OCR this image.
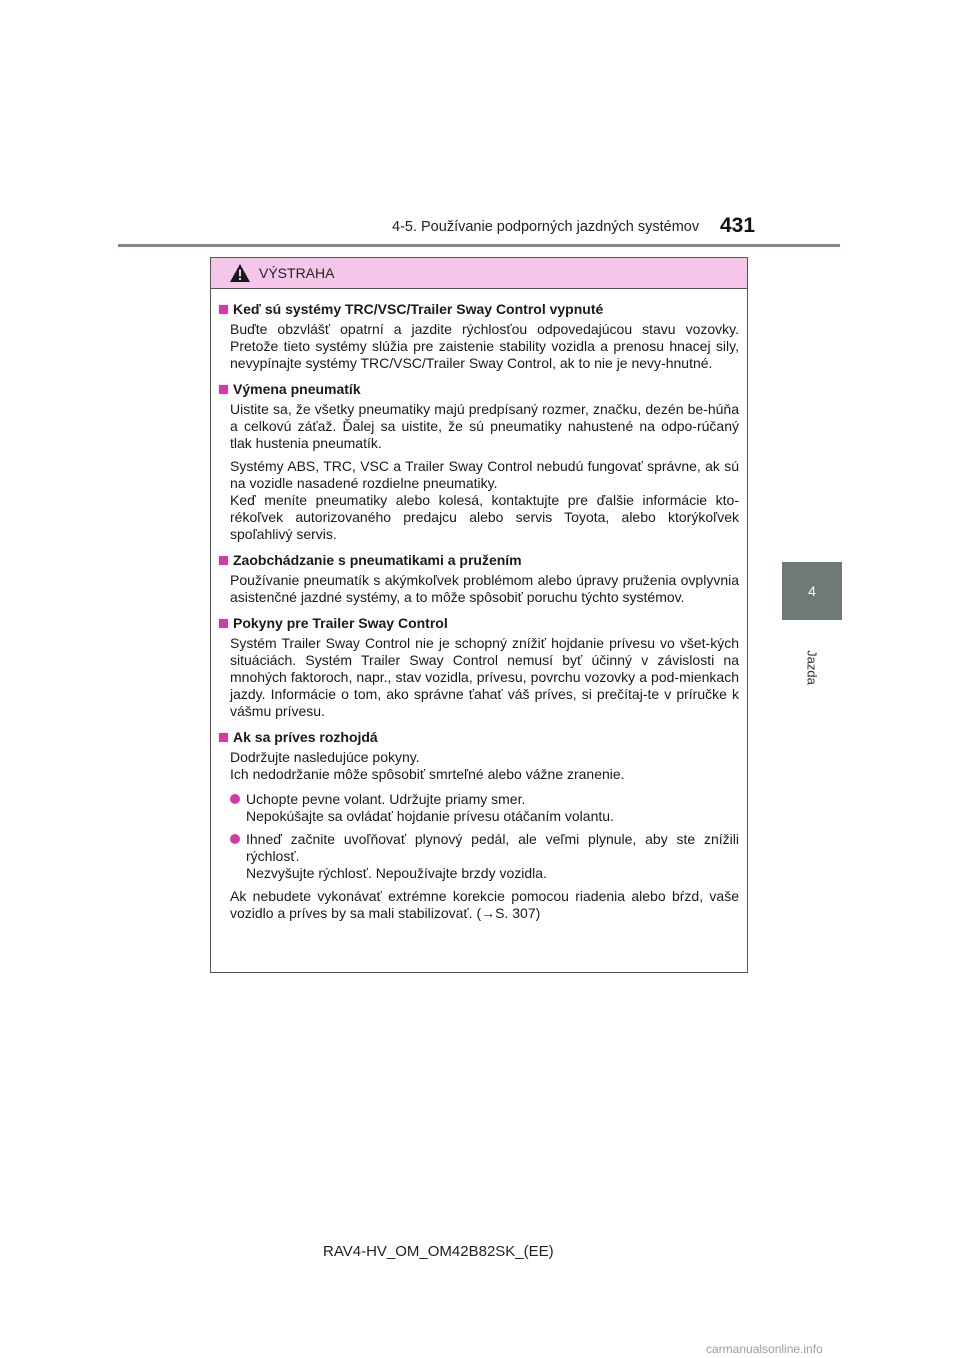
4-5. Používanie podporných jazdných systémov 431
4
Jazda
VÝSTRAHA
Keď sú systémy TRC/VSC/Trailer Sway Control vypnuté
Buďte obzvlášť opatrní a jazdite rýchlosťou odpovedajúcou stavu vozovky. Pretože tieto systémy slúžia pre zaistenie stability vozidla a prenosu hnacej sily, nevypínajte systémy TRC/VSC/Trailer Sway Control, ak to nie je nevy-hnutné.
Výmena pneumatík
Uistite sa, že všetky pneumatiky majú predpísaný rozmer, značku, dezén be-húňa a celkovú záťaž. Ďalej sa uistite, že sú pneumatiky nahustené na odpo-rúčaný tlak hustenia pneumatík.
Systémy ABS, TRC, VSC a Trailer Sway Control nebudú fungovať správne, ak sú na vozidle nasadené rozdielne pneumatiky.
Keď meníte pneumatiky alebo kolesá, kontaktujte pre ďalšie informácie kto-rékoľvek autorizovaného predajcu alebo servis Toyota, alebo ktorýkoľvek spoľahlivý servis.
Zaobchádzanie s pneumatikami a pružením
Používanie pneumatík s akýmkoľvek problémom alebo úpravy pruženia ovplyvnia asistenčné jazdné systémy, a to môže spôsobiť poruchu týchto systémov.
Pokyny pre Trailer Sway Control
Systém Trailer Sway Control nie je schopný znížiť hojdanie prívesu vo všet-kých situáciách. Systém Trailer Sway Control nemusí byť účinný v závislosti na mnohých faktoroch, napr., stav vozidla, prívesu, povrchu vozovky a pod-mienkach jazdy. Informácie o tom, ako správne ťahať váš príves, si prečítaj-te v príručke k vášmu prívesu.
Ak sa príves rozhojdá
Dodržujte nasledujúce pokyny.
Ich nedodržanie môže spôsobiť smrteľné alebo vážne zranenie.
Uchopte pevne volant. Udržujte priamy smer.
Nepokúšajte sa ovládať hojdanie prívesu otáčaním volantu.
Ihneď začnite uvoľňovať plynový pedál, ale veľmi plynule, aby ste znížili rýchlosť.
Nezvyšujte rýchlosť. Nepoužívajte brzdy vozidla.
Ak nebudete vykonávať extrémne korekcie pomocou riadenia alebo bŕzd, vaše vozidlo a príves by sa mali stabilizovať. (→S. 307)
RAV4-HV_OM_OM42B82SK_(EE)
carmanualsonline.info
